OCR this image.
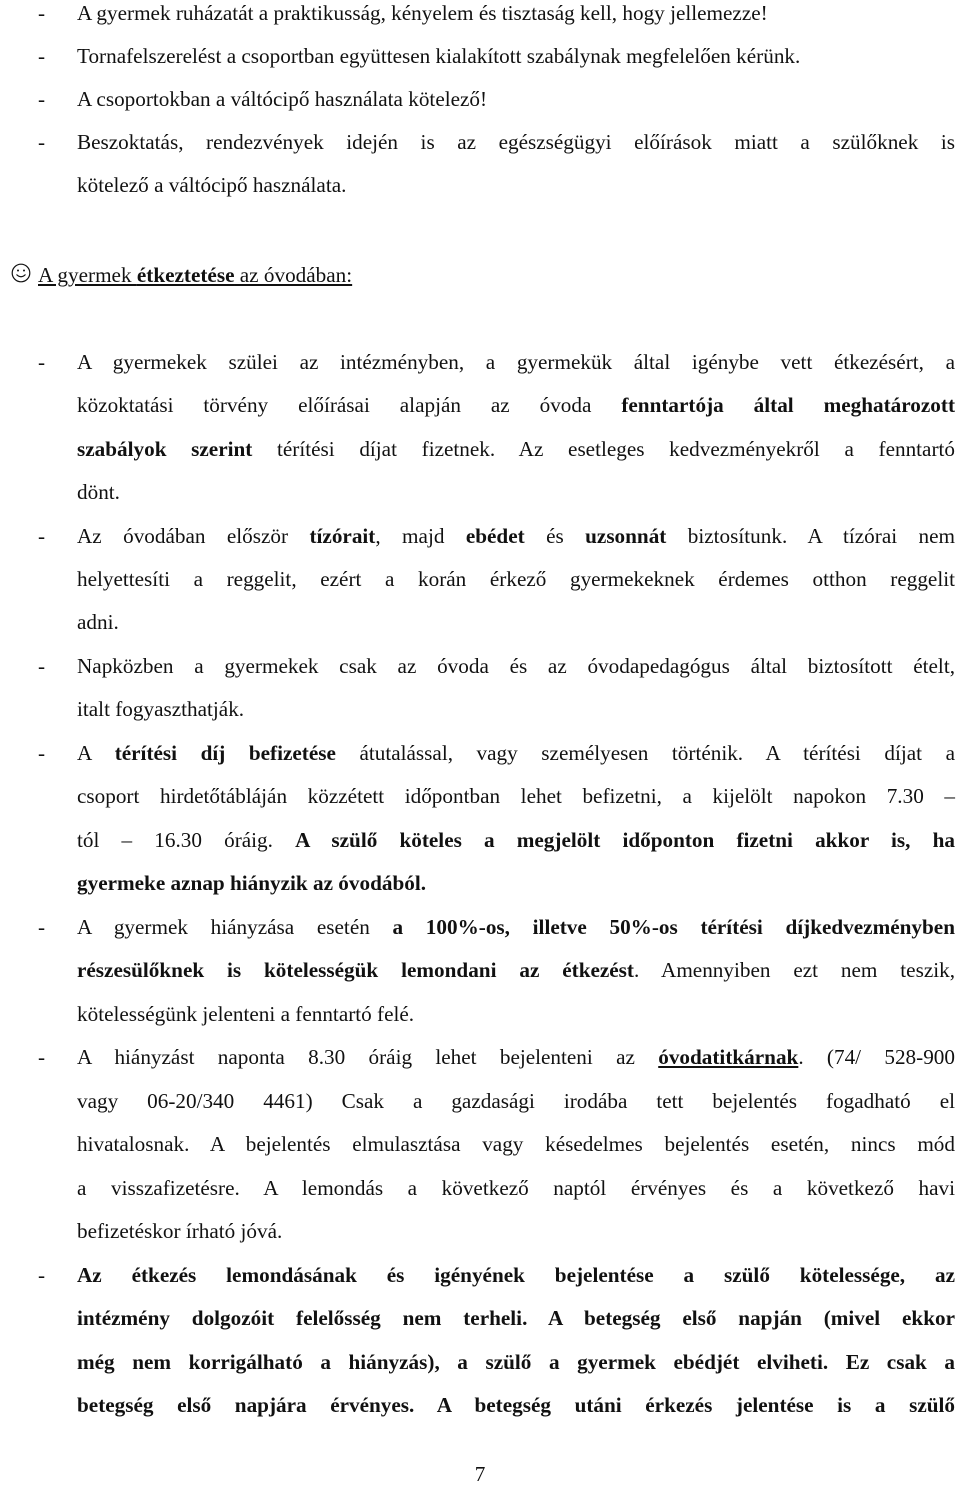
- A gyermek ruházatát a praktikusság, kényelem és tisztaság kell, hogy jellemezze!
- Tornafelszerelést a csoportban együttesen kialakított szabálynak megfelelően kérünk.
- A csoportokban a váltócipő használata kötelező!
- Beszoktatás, rendezvények idején is az egészségügyi előírások miatt a szülőknek is
kötelező a váltócipő használata.
A gyermek étkeztetése az óvodában:
- A gyermekek szülei az intézményben, a gyermekük által igénybe vett étkezésért, a
közoktatási törvény előírásai alapján az óvoda fenntartója által meghatározott
szabályok szerint térítési díjat fizetnek. Az esetleges kedvezményekről a fenntartó
dönt.
- Az óvodában először tízórait, majd ebédet és uzsonnát biztosítunk. A tízórai nem
helyettesíti a reggelit, ezért a korán érkező gyermekeknek érdemes otthon reggelit
adni.
- Napközben a gyermekek csak az óvoda és az óvodapedagógus által biztosított ételt,
italt fogyaszthatják.
- A térítési díj befizetése átutalással, vagy személyesen történik. A térítési díjat a
csoport hirdetőtábláján közzétett időpontban lehet befizetni, a kijelölt napokon 7.30 –
tól – 16.30 óráig. A szülő köteles a megjelölt időponton fizetni akkor is, ha
gyermeke aznap hiányzik az óvodából.
- A gyermek hiányzása esetén a 100%-os, illetve 50%-os térítési díjkedvezményben
részesülőknek is kötelességük lemondani az étkezést. Amennyiben ezt nem teszik,
kötelességünk jelenteni a fenntartó felé.
- A hiányzást naponta 8.30 óráig lehet bejelenteni az óvodatitkárnak. (74/ 528-900
vagy 06-20/340 4461) Csak a gazdasági irodába tett bejelentés fogadható el
hivatalosnak. A bejelentés elmulasztása vagy késedelmes bejelentés esetén, nincs mód
a visszafizetésre. A lemondás a következő naptól érvényes és a következő havi
befizetéskor írható jóvá.
- Az étkezés lemondásának és igényének bejelentése a szülő kötelessége, az
intézmény dolgozóit felelősség nem terheli. A betegség első napján (mivel ekkor
még nem korrigálható a hiányzás), a szülő a gyermek ebédjét elviheti. Ez csak a
betegség első napjára érvényes. A betegség utáni érkezés jelentése is a szülő
7
